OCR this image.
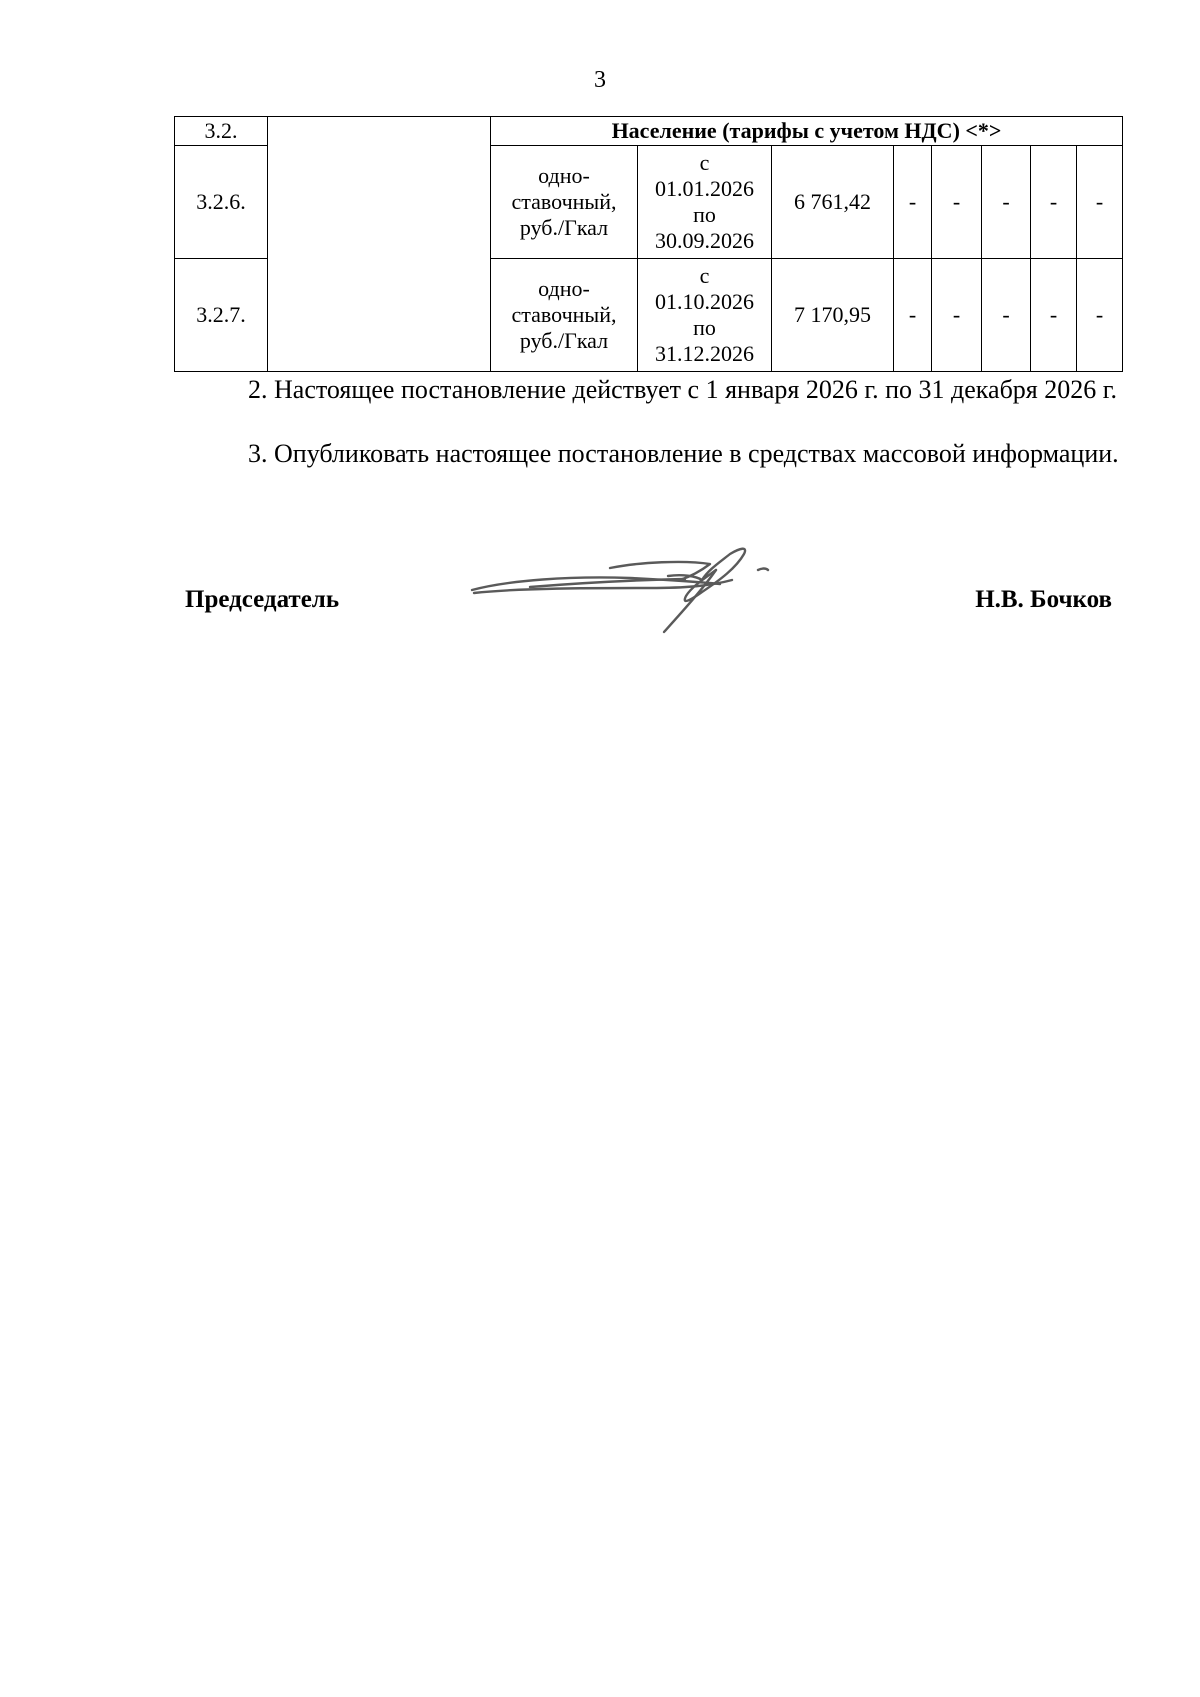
3
3.2.		Население (тарифы с учетом НДС) <*>							
3.2.6.		одно-
ставочный,
руб./Гкал	с
01.01.2026
по
30.09.2026	6 761,42	-	-	-	-	-
3.2.7.		одно-
ставочный,
руб./Гкал	с
01.10.2026
по
31.12.2026	7 170,95	-	-	-	-	-

2. Настоящее постановление действует с 1 января 2026 г. по 31 декабря 2026 г.

3. Опубликовать настоящее постановление в средствах массовой информации.

Председатель	Н.В. Бочков
